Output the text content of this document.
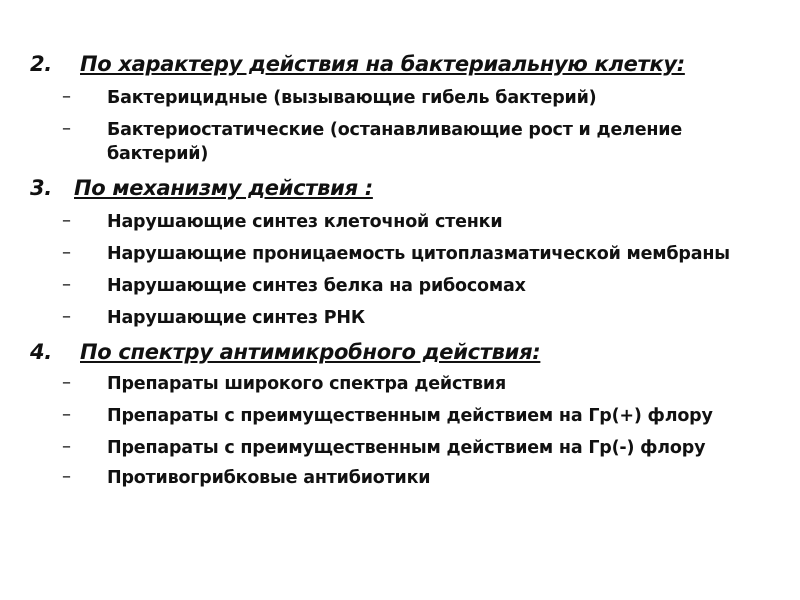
2. По характеру действия на бактериальную клетку:
– Бактерицидные (вызывающие гибель бактерий)
– Бактериостатические (останавливающие рост и деление бактерий)
3. По механизму действия :
– Нарушающие синтез клеточной стенки
– Нарушающие проницаемость цитоплазматической мембраны
– Нарушающие синтез белка на рибосомах
– Нарушающие синтез РНК
4. По спектру антимикробного действия:
– Препараты широкого спектра действия
– Препараты с преимущественным действием на Гр(+) флору
– Препараты с преимущественным действием на Гр(-) флору
– Противогрибковые антибиотики
